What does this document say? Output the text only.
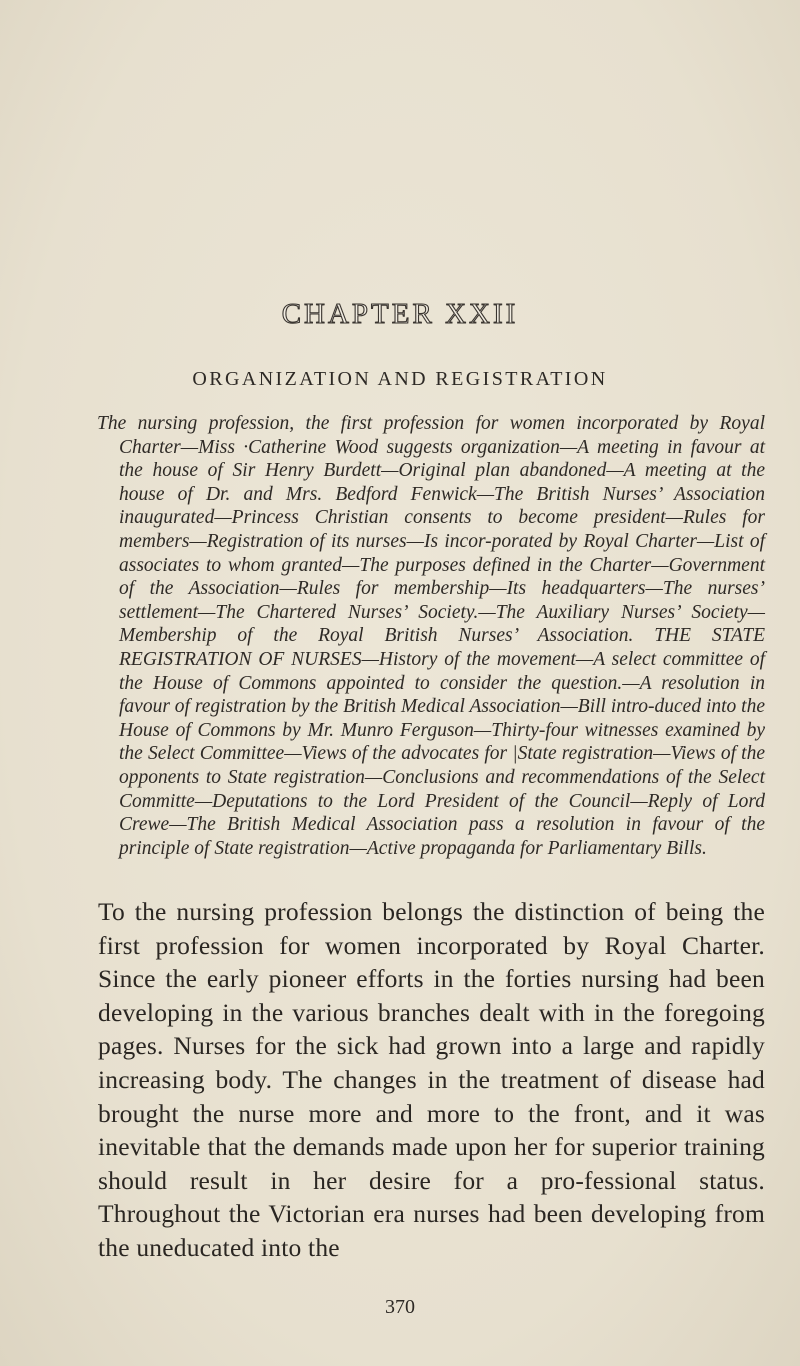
CHAPTER XXII
ORGANIZATION AND REGISTRATION
The nursing profession, the first profession for women incorporated by Royal Charter—Miss ·Catherine Wood suggests organization—A meeting in favour at the house of Sir Henry Burdett—Original plan abandoned—A meeting at the house of Dr. and Mrs. Bedford Fenwick—The British Nurses’ Association inaugurated—Princess Christian consents to become president—Rules for members—Registration of its nurses—Is incor-porated by Royal Charter—List of associates to whom granted—The purposes defined in the Charter—Government of the Association—Rules for membership—Its headquarters—The nurses’ settlement—The Chartered Nurses’ Society.—The Auxiliary Nurses’ Society—Membership of the Royal British Nurses’ Association. THE STATE REGISTRATION OF NURSES—History of the movement—A select committee of the House of Commons appointed to consider the question.—A resolution in favour of registration by the British Medical Association—Bill intro-duced into the House of Commons by Mr. Munro Ferguson—Thirty-four witnesses examined by the Select Committee—Views of the advocates for |State registration—Views of the opponents to State registration—Conclusions and recommendations of the Select Committe—Deputations to the Lord President of the Council—Reply of Lord Crewe—The British Medical Association pass a resolution in favour of the principle of State registration—Active propaganda for Parliamentary Bills.
To the nursing profession belongs the distinction of being the first profession for women incorporated by Royal Charter. Since the early pioneer efforts in the forties nursing had been developing in the various branches dealt with in the foregoing pages. Nurses for the sick had grown into a large and rapidly increasing body. The changes in the treatment of disease had brought the nurse more and more to the front, and it was inevitable that the demands made upon her for superior training should result in her desire for a pro-fessional status. Throughout the Victorian era nurses had been developing from the uneducated into the
370
